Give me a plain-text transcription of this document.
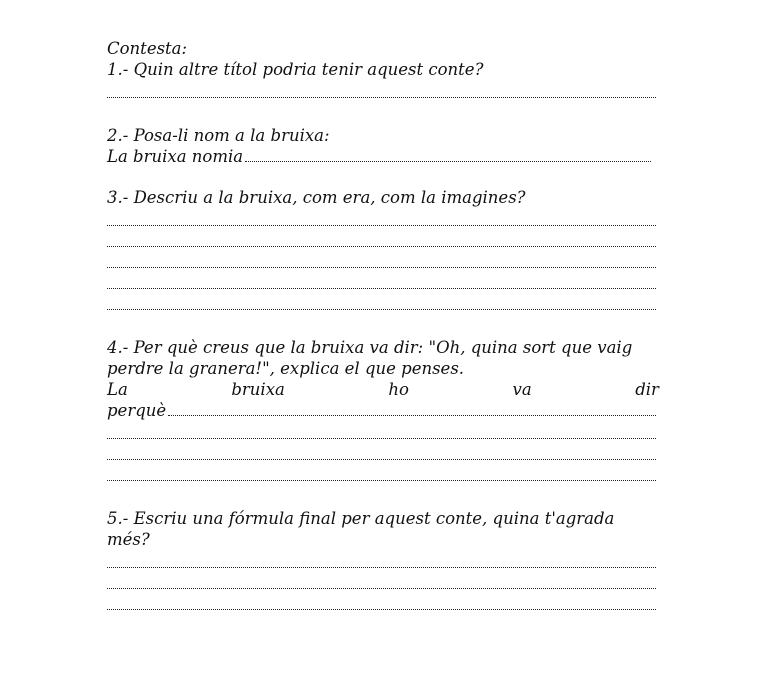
Contesta:
1.- Quin altre títol podria tenir aquest conte?
2.- Posa-li nom a la bruixa:
La bruixa nomia
3.- Descriu a la bruixa, com era, com la imagines?
4.- Per què creus que la bruixa va dir: "Oh, quina sort que vaig
perdre la granera!", explica el que penses.
La	bruixa	ho	va	dir
perquè
5.- Escriu una fórmula final per aquest conte, quina t'agrada
més?
